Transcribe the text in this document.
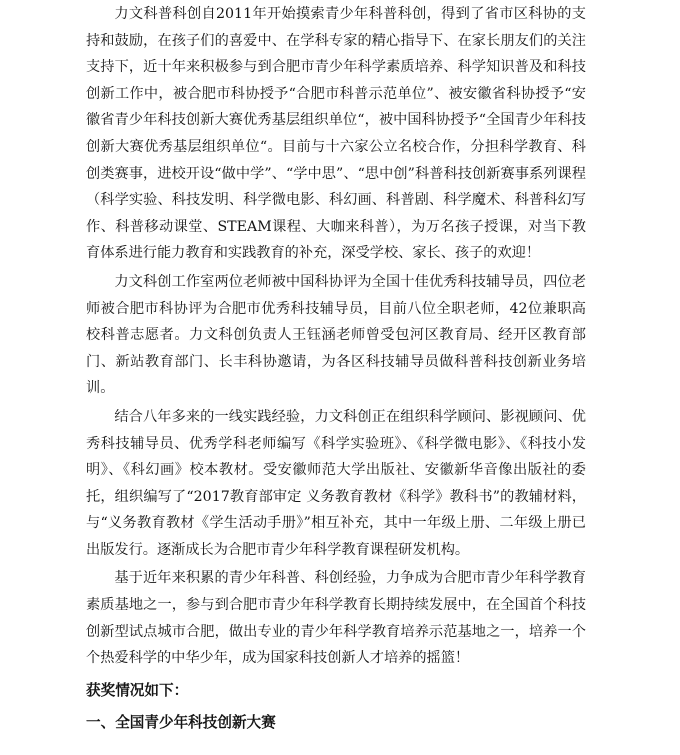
力文科普科创自2011年开始摸索青少年科普科创，得到了省市区科协的支持和鼓励，在孩子们的喜爱中、在学科专家的精心指导下、在家长朋友们的关注支持下，近十年来积极参与到合肥市青少年科学素质培养、科学知识普及和科技创新工作中，被合肥市科协授予“合肥市科普示范单位”、被安徽省科协授予“安徽省青少年科技创新大赛优秀基层组织单位“，被中国科协授予“全国青少年科技创新大赛优秀基层组织单位“。目前与十六家公立名校合作，分担科学教育、科创类赛事，进校开设“做中学”、“学中思”、“思中创”科普科技创新赛事系列课程（科学实验、科技发明、科学微电影、科幻画、科普剧、科学魔术、科普科幻写作、科普移动课堂、STEAM课程、大咖来科普），为万名孩子授课，对当下教育体系进行能力教育和实践教育的补充，深受学校、家长、孩子的欢迎！

力文科创工作室两位老师被中国科协评为全国十佳优秀科技辅导员，四位老师被合肥市科协评为合肥市优秀科技辅导员，目前八位全职老师，42位兼职高校科普志愿者。力文科创负责人王钰涵老师曾受包河区教育局、经开区教育部门、新站教育部门、长丰科协邀请，为各区科技辅导员做科普科技创新业务培训。

结合八年多来的一线实践经验，力文科创正在组织科学顾问、影视顾问、优秀科技辅导员、优秀学科老师编写《科学实验班》、《科学微电影》、《科技小发明》、《科幻画》校本教材。受安徽师范大学出版社、安徽新华音像出版社的委托，组织编写了“2017教育部审定 义务教育教材《科学》教科书”的教辅材料，与“义务教育教材《学生活动手册》”相互补充，其中一年级上册、二年级上册已出版发行。逐渐成长为合肥市青少年科学教育课程研发机构。

基于近年来积累的青少年科普、科创经验，力争成为合肥市青少年科学教育素质基地之一，参与到合肥市青少年科学教育长期持续发展中，在全国首个科技创新型试点城市合肥，做出专业的青少年科学教育培养示范基地之一，培养一个个热爱科学的中华少年，成为国家科技创新人才培养的摇篮！

获奖情况如下：

一、全国青少年科技创新大赛
